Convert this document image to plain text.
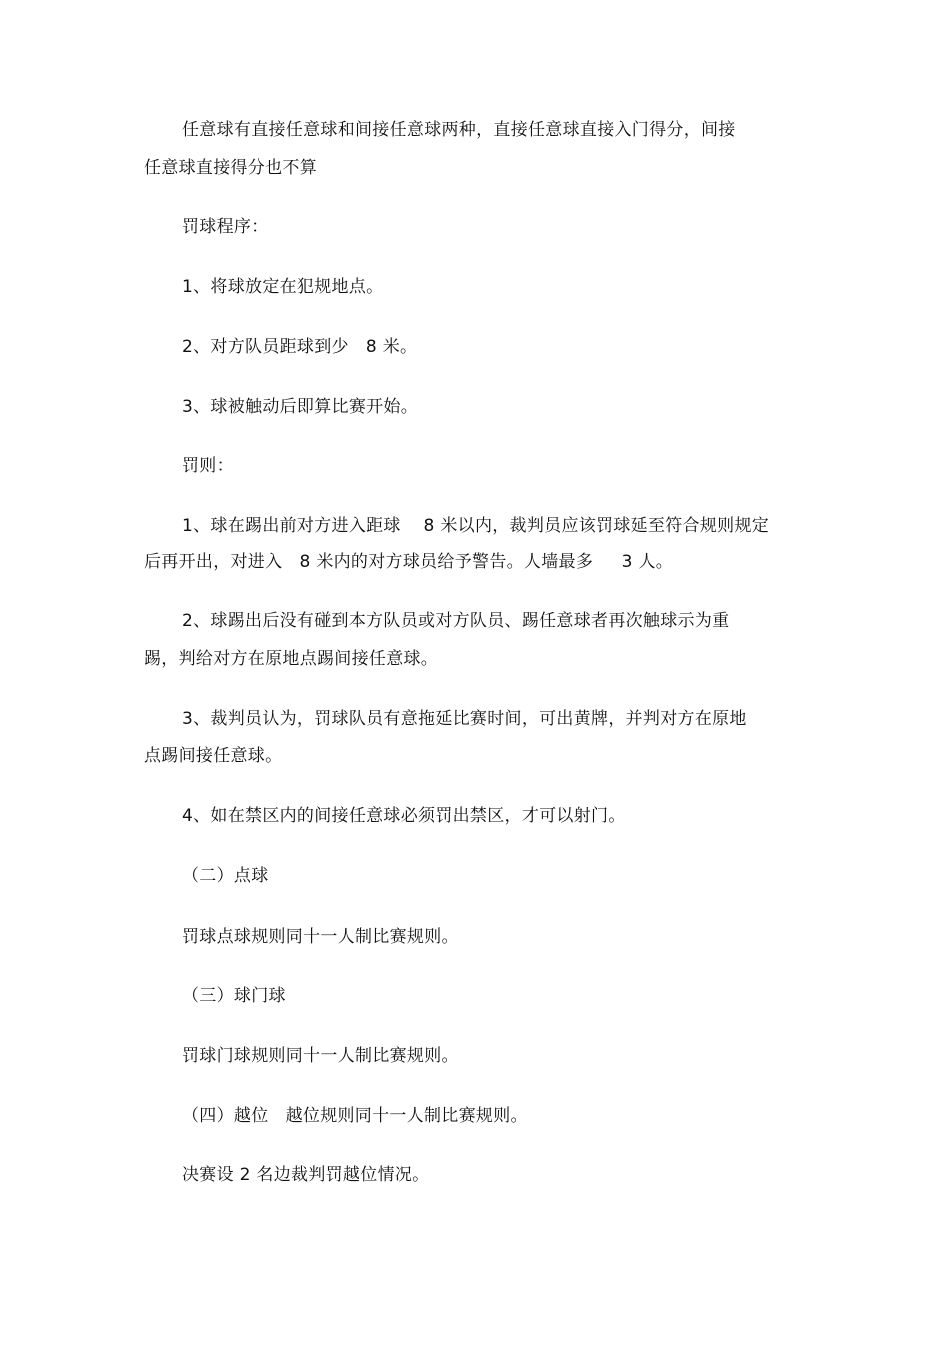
任意球有直接任意球和间接任意球两种，直接任意球直接入门得分，间接
任意球直接得分也不算
罚球程序：
1、将球放定在犯规地点。
2、对方队员距球到少   8 米。
3、球被触动后即算比赛开始。
罚则：
1、球在踢出前对方进入距球    8 米以内，裁判员应该罚球延至符合规则规定
后再开出，对进入   8 米内的对方球员给予警告。人墙最多     3 人。
2、球踢出后没有碰到本方队员或对方队员、踢任意球者再次触球示为重
踢，判给对方在原地点踢间接任意球。
3、裁判员认为，罚球队员有意拖延比赛时间，可出黄牌，并判对方在原地
点踢间接任意球。
4、如在禁区内的间接任意球必须罚出禁区，才可以射门。
（二）点球
罚球点球规则同十一人制比赛规则。
（三）球门球
罚球门球规则同十一人制比赛规则。
（四）越位   越位规则同十一人制比赛规则。
决赛设 2 名边裁判罚越位情况。
